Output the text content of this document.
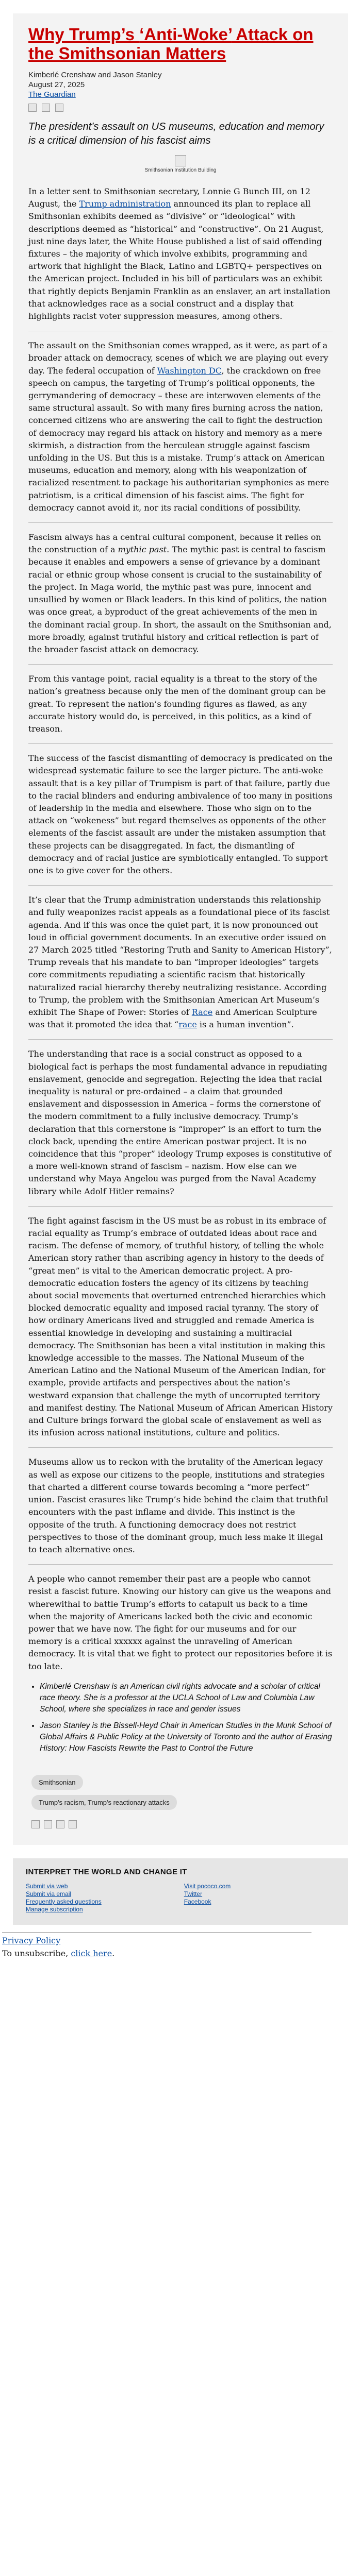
Why Trump’s ‘Anti-Woke’ Attack on the Smithsonian Matters
Kimberlé Crenshaw and Jason Stanley
August 27, 2025
The Guardian

The president’s assault on US museums, education and memory is a critical dimension of his fascist aims

Smithsonian Institution Building

In a letter sent to Smithsonian secretary, Lonnie G Bunch III, on 12 August, the Trump administration announced its plan to replace all Smithsonian exhibits deemed as “divisive” or “ideological” with descriptions deemed as “historical” and “constructive”. On 21 August, just nine days later, the White House published a list of said offending fixtures – the majority of which involve exhibits, programming and artwork that highlight the Black, Latino and LGBTQ+ perspectives on the American project. Included in his bill of particulars was an exhibit that rightly depicts Benjamin Franklin as an enslaver, an art installation that acknowledges race as a social construct and a display that highlights racist voter suppression measures, among others.

The assault on the Smithsonian comes wrapped, as it were, as part of a broader attack on democracy, scenes of which we are playing out every day. The federal occupation of Washington DC, the crackdown on free speech on campus, the targeting of Trump’s political opponents, the gerrymandering of democracy – these are interwoven elements of the same structural assault. So with many fires burning across the nation, concerned citizens who are answering the call to fight the destruction of democracy may regard his attack on history and memory as a mere skirmish, a distraction from the herculean struggle against fascism unfolding in the US. But this is a mistake. Trump’s attack on American museums, education and memory, along with his weaponization of racialized resentment to package his authoritarian symphonies as mere patriotism, is a critical dimension of his fascist aims. The fight for democracy cannot avoid it, nor its racial conditions of possibility.

Fascism always has a central cultural component, because it relies on the construction of a mythic past. The mythic past is central to fascism because it enables and empowers a sense of grievance by a dominant racial or ethnic group whose consent is crucial to the sustainability of the project. In Maga world, the mythic past was pure, innocent and unsullied by women or Black leaders. In this kind of politics, the nation was once great, a byproduct of the great achievements of the men in the dominant racial group. In short, the assault on the Smithsonian and, more broadly, against truthful history and critical reflection is part of the broader fascist attack on democracy.

From this vantage point, racial equality is a threat to the story of the nation’s greatness because only the men of the dominant group can be great. To represent the nation’s founding figures as flawed, as any accurate history would do, is perceived, in this politics, as a kind of treason.

The success of the fascist dismantling of democracy is predicated on the widespread systematic failure to see the larger picture. The anti-woke assault that is a key pillar of Trumpism is part of that failure, partly due to the racial blinders and enduring ambivalence of too many in positions of leadership in the media and elsewhere. Those who sign on to the attack on “wokeness” but regard themselves as opponents of the other elements of the fascist assault are under the mistaken assumption that these projects can be disaggregated. In fact, the dismantling of democracy and of racial justice are symbiotically entangled. To support one is to give cover for the others.

It’s clear that the Trump administration understands this relationship and fully weaponizes racist appeals as a foundational piece of its fascist agenda. And if this was once the quiet part, it is now pronounced out loud in official government documents. In an executive order issued on 27 March 2025 titled “Restoring Truth and Sanity to American History”, Trump reveals that his mandate to ban “improper ideologies” targets core commitments repudiating a scientific racism that historically naturalized racial hierarchy thereby neutralizing resistance. According to Trump, the problem with the Smithsonian American Art Museum’s exhibit The Shape of Power: Stories of Race and American Sculpture was that it promoted the idea that “race is a human invention”.

The understanding that race is a social construct as opposed to a biological fact is perhaps the most fundamental advance in repudiating enslavement, genocide and segregation. Rejecting the idea that racial inequality is natural or pre-ordained – a claim that grounded enslavement and dispossession in America – forms the cornerstone of the modern commitment to a fully inclusive democracy. Trump’s declaration that this cornerstone is “improper” is an effort to turn the clock back, upending the entire American postwar project. It is no coincidence that this “proper” ideology Trump exposes is constitutive of a more well-known strand of fascism – nazism. How else can we understand why Maya Angelou was purged from the Naval Academy library while Adolf Hitler remains?

The fight against fascism in the US must be as robust in its embrace of racial equality as Trump’s embrace of outdated ideas about race and racism. The defense of memory, of truthful history, of telling the whole American story rather than ascribing agency in history to the deeds of “great men” is vital to the American democratic project. A pro-democratic education fosters the agency of its citizens by teaching about social movements that overturned entrenched hierarchies which blocked democratic equality and imposed racial tyranny. The story of how ordinary Americans lived and struggled and remade America is essential knowledge in developing and sustaining a multiracial democracy. The Smithsonian has been a vital institution in making this knowledge accessible to the masses. The National Museum of the American Latino and the National Museum of the American Indian, for example, provide artifacts and perspectives about the nation’s westward expansion that challenge the myth of uncorrupted territory and manifest destiny. The National Museum of African American History and Culture brings forward the global scale of enslavement as well as its infusion across national institutions, culture and politics.

Museums allow us to reckon with the brutality of the American legacy as well as expose our citizens to the people, institutions and strategies that charted a different course towards becoming a “more perfect” union. Fascist erasures like Trump’s hide behind the claim that truthful encounters with the past inflame and divide. This instinct is the opposite of the truth. A functioning democracy does not restrict perspectives to those of the dominant group, much less make it illegal to teach alternative ones.

A people who cannot remember their past are a people who cannot resist a fascist future. Knowing our history can give us the weapons and wherewithal to battle Trump’s efforts to catapult us back to a time when the majority of Americans lacked both the civic and economic power that we have now. The fight for our museums and for our memory is a critical xxxxxx against the unraveling of American democracy. It is vital that we fight to protect our repositories before it is too late.

• Kimberlé Crenshaw is an American civil rights advocate and a scholar of critical race theory. She is a professor at the UCLA School of Law and Columbia Law School, where she specializes in race and gender issues
• Jason Stanley is the Bissell-Heyd Chair in American Studies in the Munk School of Global Affairs & Public Policy at the University of Toronto and the author of Erasing History: How Fascists Rewrite the Past to Control the Future
Smithsonian
Trump's racism, Trump's reactionary attacks
INTERPRET THE WORLD AND CHANGE IT
Submit via web
Submit via email
Frequently asked questions
Manage subscription
Visit pococo.com
Twitter
Facebook

Privacy Policy

To unsubscribe, click here.
